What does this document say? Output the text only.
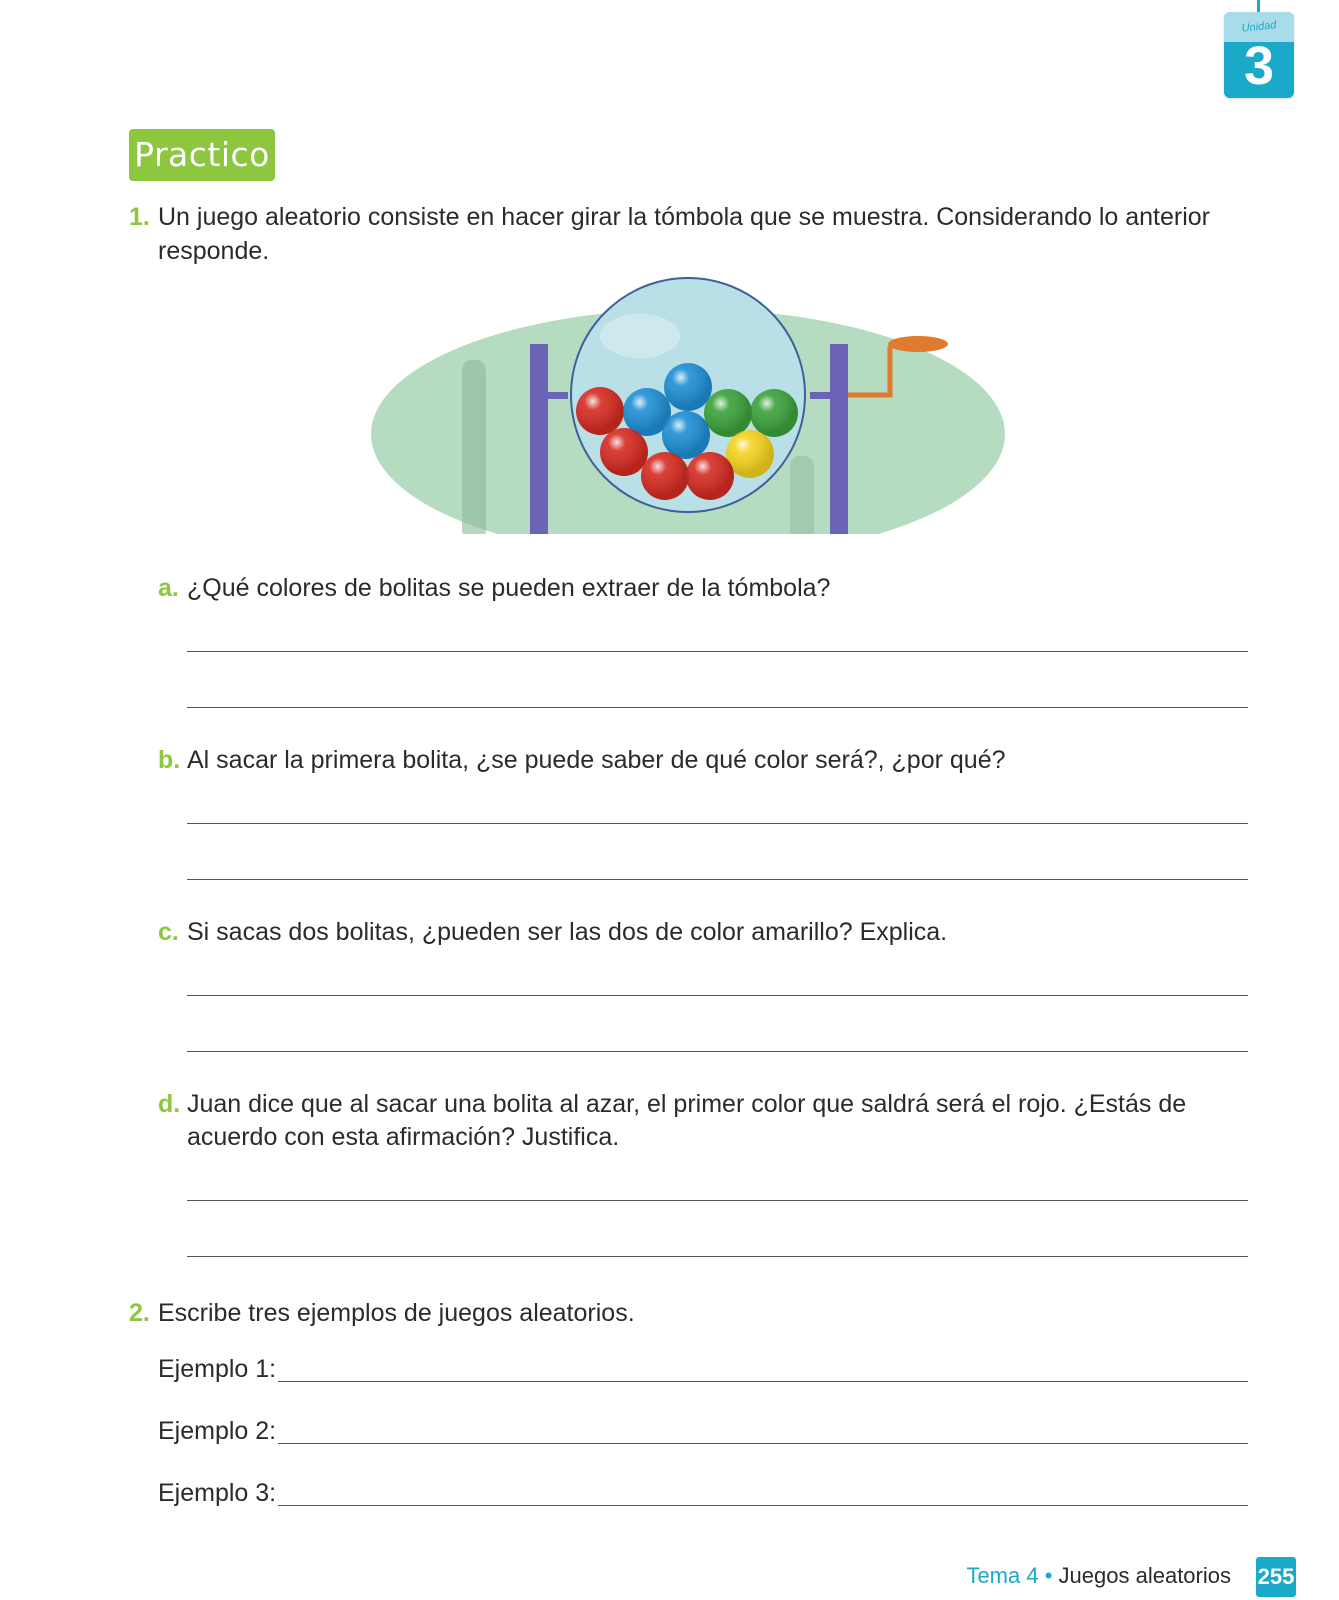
Unidad
3
Practico
1. Un juego aleatorio consiste en hacer girar la tómbola que se muestra. Considerando lo anterior responde.
a. ¿Qué colores de bolitas se pueden extraer de la tómbola?
b. Al sacar la primera bolita, ¿se puede saber de qué color será?, ¿por qué?
c. Si sacas dos bolitas, ¿pueden ser las dos de color amarillo? Explica.
d. Juan dice que al sacar una bolita al azar, el primer color que saldrá será el rojo. ¿Estás de acuerdo con esta afirmación? Justifica.
2. Escribe tres ejemplos de juegos aleatorios.
Ejemplo 1:
Ejemplo 2:
Ejemplo 3:
Tema 4 • Juegos aleatorios 255
